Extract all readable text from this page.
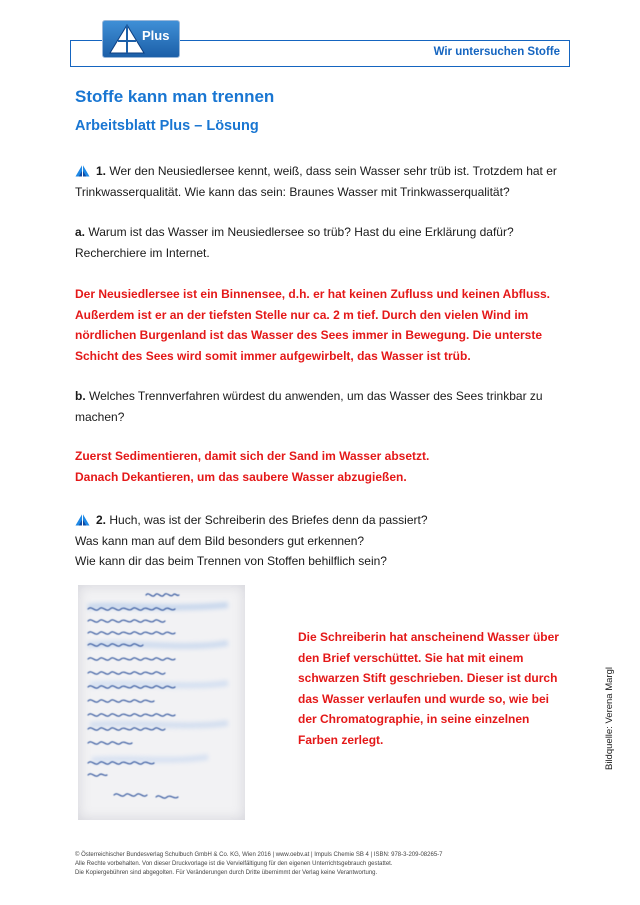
Plus
Wir untersuchen Stoffe
Stoffe kann man trennen
Arbeitsblatt Plus – Lösung
1. Wer den Neusiedlersee kennt, weiß, dass sein Wasser sehr trüb ist. Trotzdem hat er
Trinkwasserqualität. Wie kann das sein: Braunes Wasser mit Trinkwasserqualität?
a. Warum ist das Wasser im Neusiedlersee so trüb? Hast du eine Erklärung dafür?
Recherchiere im Internet.
Der Neusiedlersee ist ein Binnensee, d.h. er hat keinen Zufluss und keinen Abfluss.
Außerdem ist er an der tiefsten Stelle nur ca. 2 m tief. Durch den vielen Wind im
nördlichen Burgenland ist das Wasser des Sees immer in Bewegung. Die unterste
Schicht des Sees wird somit immer aufgewirbelt, das Wasser ist trüb.
b. Welches Trennverfahren würdest du anwenden, um das Wasser des Sees trinkbar zu
machen?
Zuerst Sedimentieren, damit sich der Sand im Wasser absetzt.
Danach Dekantieren, um das saubere Wasser abzugießen.
2. Huch, was ist der Schreiberin des Briefes denn da passiert?
Was kann man auf dem Bild besonders gut erkennen?
Wie kann dir das beim Trennen von Stoffen behilflich sein?
Die Schreiberin hat anscheinend Wasser über
den Brief verschüttet. Sie hat mit einem
schwarzen Stift geschrieben. Dieser ist durch
das Wasser verlaufen und wurde so, wie bei
der Chromatographie, in seine einzelnen
Farben zerlegt.	Bildquelle: Verena Margl
© Österreichischer Bundesverlag Schulbuch GmbH & Co. KG, Wien 2016 | www.oebv.at | Impuls Chemie SB 4 | ISBN: 978-3-209-08265-7
Alle Rechte vorbehalten. Von dieser Druckvorlage ist die Vervielfältigung für den eigenen Unterrichtsgebrauch gestattet.
Die Kopiergebühren sind abgegolten. Für Veränderungen durch Dritte übernimmt der Verlag keine Verantwortung.
